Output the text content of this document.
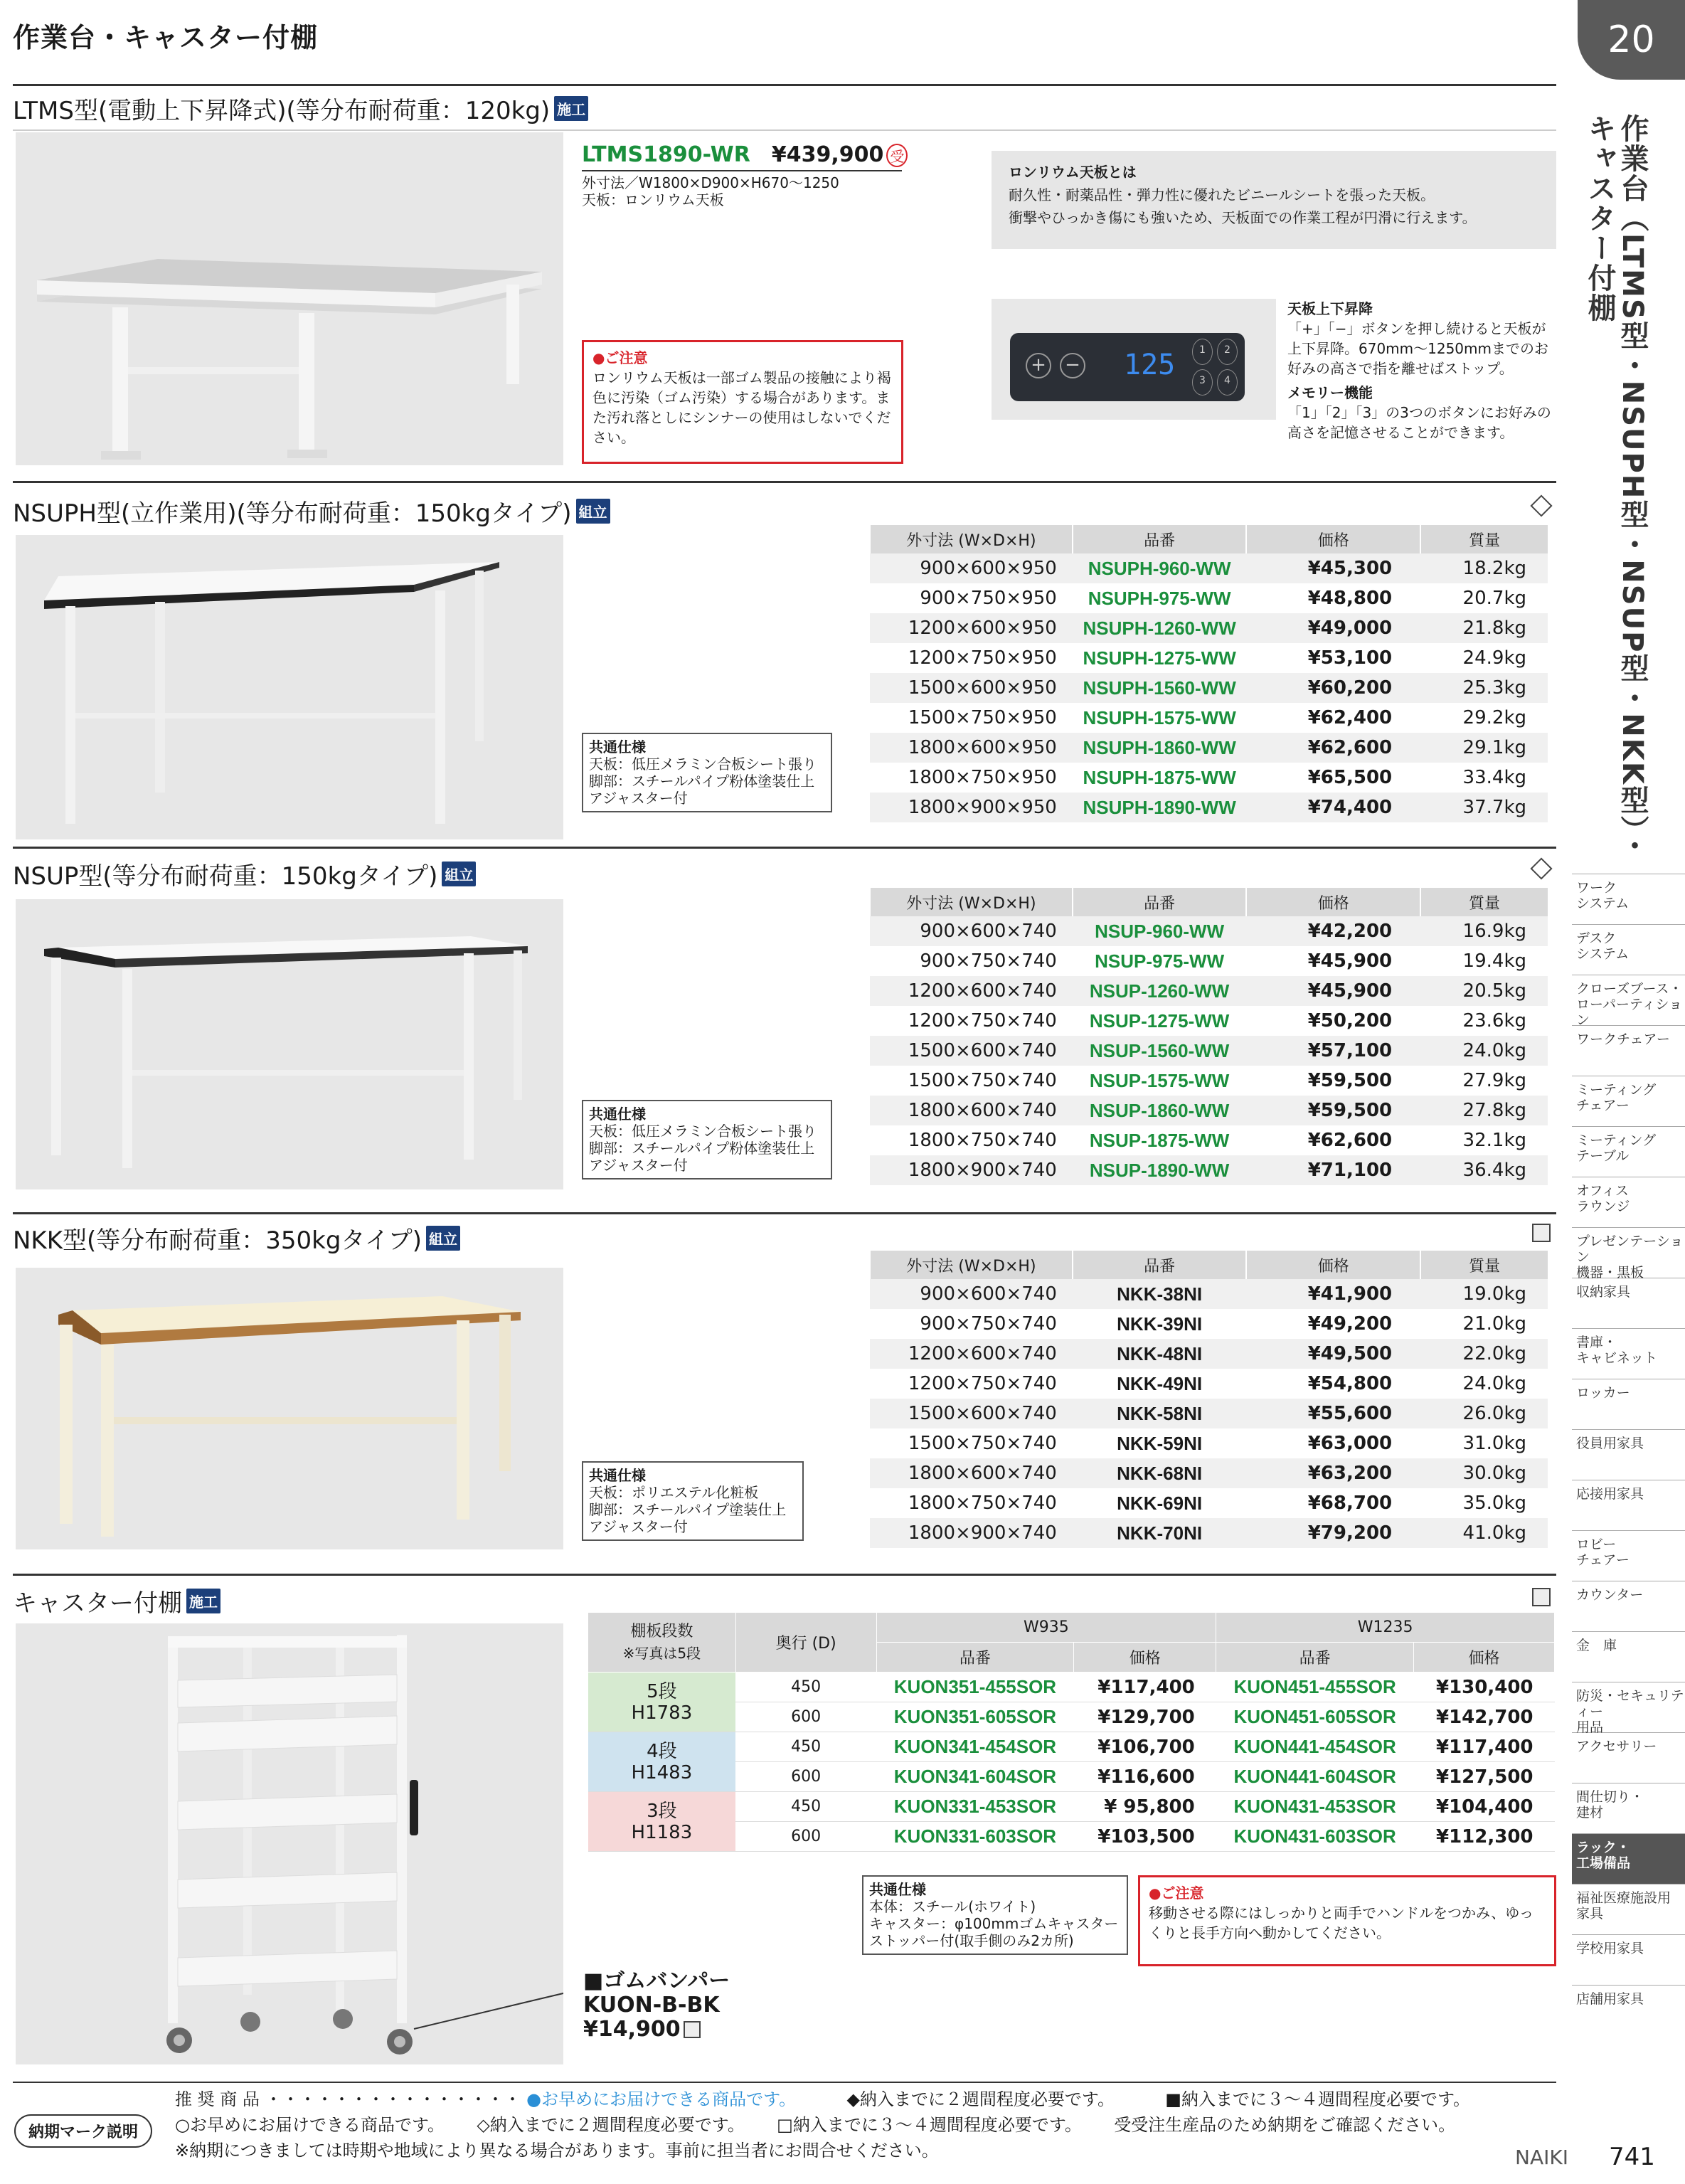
作業台・キャスター付棚	20
作業台（LTMS型・NSUPH型・NSUP型・NKK型）・キャスター付棚
ワーク
システム
デスク
システム
クローズブース・
ローパーティション
ワークチェアー
ミーティング
チェアー
ミーティング
テーブル
オフィス
ラウンジ
プレゼンテーション
機器・黒板
収納家具
書庫・
キャビネット
ロッカー
役員用家具
応接用家具
ロビー
チェアー
カウンター
金　庫
防災・セキュリティー
用品
アクセサリー
間仕切り・
建材
ラック・
工場備品
福祉医療施設用
家具
学校用家具
店舗用家具
LTMS型(電動上下昇降式)(等分布耐荷重：120kg) 施工
LTMS1890-WR ¥439,900 受
外寸法／W1800×D900×H670～1250
天板：ロンリウム天板
●ご注意
ロンリウム天板は一部ゴム製品の接触により褐色に汚染（ゴム汚染）する場合があります。また汚れ落としにシンナーの使用はしないでください。
ロンリウム天板とは
耐久性・耐薬品性・弾力性に優れたビニールシートを張った天板。
衝撃やひっかき傷にも強いため、天板面での作業工程が円滑に行えます。
+ − 125	1	2
3	4
天板上下昇降
「+」「−」ボタンを押し続けると天板が上下昇降。670mm～1250mmまでのお好みの高さで指を離せばストップ。
メモリー機能
「1」「2」「3」の3つのボタンにお好みの高さを記憶させることができます。
NSUPH型(立作業用)(等分布耐荷重：150kgタイプ) 組立
共通仕様
天板：低圧メラミン合板シート張り
脚部：スチールパイプ粉体塗装仕上
アジャスター付
外寸法 (W×D×H)	品番	価格	質量
900×600×950	NSUPH-960-WW	¥45,300	18.2kg
900×750×950	NSUPH-975-WW	¥48,800	20.7kg
1200×600×950	NSUPH-1260-WW	¥49,000	21.8kg
1200×750×950	NSUPH-1275-WW	¥53,100	24.9kg
1500×600×950	NSUPH-1560-WW	¥60,200	25.3kg
1500×750×950	NSUPH-1575-WW	¥62,400	29.2kg
1800×600×950	NSUPH-1860-WW	¥62,600	29.1kg
1800×750×950	NSUPH-1875-WW	¥65,500	33.4kg
1800×900×950	NSUPH-1890-WW	¥74,400	37.7kg
NSUP型(等分布耐荷重：150kgタイプ) 組立
共通仕様
天板：低圧メラミン合板シート張り
脚部：スチールパイプ粉体塗装仕上
アジャスター付
外寸法 (W×D×H)	品番	価格	質量
900×600×740	NSUP-960-WW	¥42,200	16.9kg
900×750×740	NSUP-975-WW	¥45,900	19.4kg
1200×600×740	NSUP-1260-WW	¥45,900	20.5kg
1200×750×740	NSUP-1275-WW	¥50,200	23.6kg
1500×600×740	NSUP-1560-WW	¥57,100	24.0kg
1500×750×740	NSUP-1575-WW	¥59,500	27.9kg
1800×600×740	NSUP-1860-WW	¥59,500	27.8kg
1800×750×740	NSUP-1875-WW	¥62,600	32.1kg
1800×900×740	NSUP-1890-WW	¥71,100	36.4kg
NKK型(等分布耐荷重：350kgタイプ) 組立
共通仕様
天板：ポリエステル化粧板
脚部：スチールパイプ塗装仕上
アジャスター付
外寸法 (W×D×H)	品番	価格	質量
900×600×740	NKK-38NI	¥41,900	19.0kg
900×750×740	NKK-39NI	¥49,200	21.0kg
1200×600×740	NKK-48NI	¥49,500	22.0kg
1200×750×740	NKK-49NI	¥54,800	24.0kg
1500×600×740	NKK-58NI	¥55,600	26.0kg
1500×750×740	NKK-59NI	¥63,000	31.0kg
1800×600×740	NKK-68NI	¥63,200	30.0kg
1800×750×740	NKK-69NI	¥68,700	35.0kg
1800×900×740	NKK-70NI	¥79,200	41.0kg
キャスター付棚 施工
■ゴムバンパー
KUON-B-BK
¥14,900
棚板段数
※写真は5段	奥行 (D)	W935		W1235	
		品番	価格	品番	価格

5段
H1783	450	KUON351-455SOR	¥117,400	KUON451-455SOR	¥130,400
	600	KUON351-605SOR	¥129,700	KUON451-605SOR	¥142,700

4段
H1483	450	KUON341-454SOR	¥106,700	KUON441-454SOR	¥117,400
	600	KUON341-604SOR	¥116,600	KUON441-604SOR	¥127,500

3段
H1183	450	KUON331-453SOR	¥ 95,800	KUON431-453SOR	¥104,400
	600	KUON331-603SOR	¥103,500	KUON431-603SOR	¥112,300
共通仕様
本体：スチール(ホワイト)
キャスター：φ100mmゴムキャスター
ストッパー付(取手側のみ2カ所)
●ご注意
移動させる際にはしっかりと両手でハンドルをつかみ、ゆっくりと長手方向へ動かしてください。
納期マーク説明
推 奨 商 品 ・・・・・・・・・・・・・・・ ●お早めにお届けできる商品です。	◆納入までに２週間程度必要です。	■納入までに３～４週間程度必要です。
○お早めにお届けできる商品です。 ◇納入までに２週間程度必要です。 □納入までに３～４週間程度必要です。 受受注生産品のため納期をご確認ください。
※納期につきましては時期や地域により異なる場合があります。事前に担当者にお問合せください。	NAIKI 741
